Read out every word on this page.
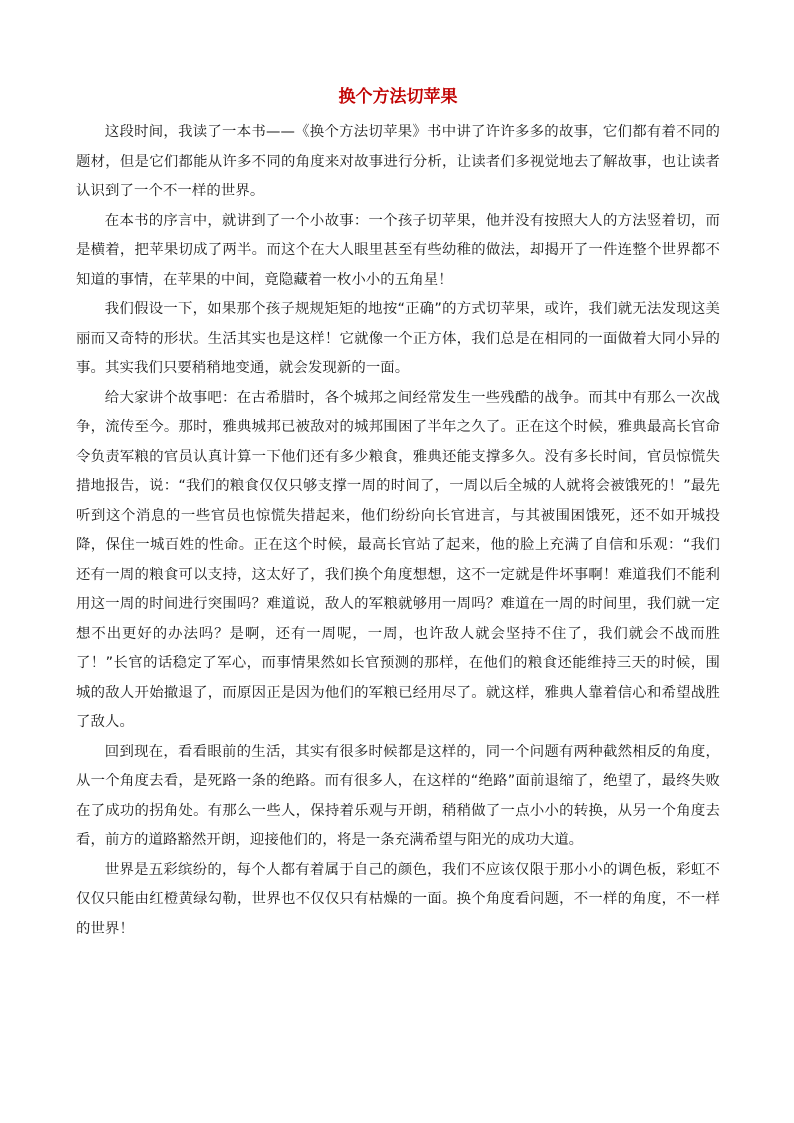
换个方法切苹果

这段时间，我读了一本书——《换个方法切苹果》书中讲了许许多多的故事，它们都有着不同的题材，但是它们都能从许多不同的角度来对故事进行分析，让读者们多视觉地去了解故事，也让读者认识到了一个不一样的世界。

在本书的序言中，就讲到了一个小故事：一个孩子切苹果，他并没有按照大人的方法竖着切，而是横着，把苹果切成了两半。而这个在大人眼里甚至有些幼稚的做法，却揭开了一件连整个世界都不知道的事情，在苹果的中间，竟隐藏着一枚小小的五角星！

我们假设一下，如果那个孩子规规矩矩的地按“正确”的方式切苹果，或许，我们就无法发现这美丽而又奇特的形状。生活其实也是这样！它就像一个正方体，我们总是在相同的一面做着大同小异的事。其实我们只要稍稍地变通，就会发现新的一面。

给大家讲个故事吧：在古希腊时，各个城邦之间经常发生一些残酷的战争。而其中有那么一次战争，流传至今。那时，雅典城邦已被敌对的城邦围困了半年之久了。正在这个时候，雅典最高长官命令负责军粮的官员认真计算一下他们还有多少粮食，雅典还能支撑多久。没有多长时间，官员惊慌失措地报告，说：“我们的粮食仅仅只够支撑一周的时间了，一周以后全城的人就将会被饿死的！”最先听到这个消息的一些官员也惊慌失措起来，他们纷纷向长官进言，与其被围困饿死，还不如开城投降，保住一城百姓的性命。正在这个时候，最高长官站了起来，他的脸上充满了自信和乐观：“我们还有一周的粮食可以支持，这太好了，我们换个角度想想，这不一定就是件坏事啊！难道我们不能利用这一周的时间进行突围吗？难道说，敌人的军粮就够用一周吗？难道在一周的时间里，我们就一定想不出更好的办法吗？是啊，还有一周呢，一周，也许敌人就会坚持不住了，我们就会不战而胜了！”长官的话稳定了军心，而事情果然如长官预测的那样，在他们的粮食还能维持三天的时候，围城的敌人开始撤退了，而原因正是因为他们的军粮已经用尽了。就这样，雅典人靠着信心和希望战胜了敌人。

回到现在，看看眼前的生活，其实有很多时候都是这样的，同一个问题有两种截然相反的角度，从一个角度去看，是死路一条的绝路。而有很多人，在这样的“绝路”面前退缩了，绝望了，最终失败在了成功的拐角处。有那么一些人，保持着乐观与开朗，稍稍做了一点小小的转换，从另一个角度去看，前方的道路豁然开朗，迎接他们的，将是一条充满希望与阳光的成功大道。

世界是五彩缤纷的，每个人都有着属于自己的颜色，我们不应该仅限于那小小的调色板，彩虹不仅仅只能由红橙黄绿勾勒，世界也不仅仅只有枯燥的一面。换个角度看问题，不一样的角度，不一样的世界！
